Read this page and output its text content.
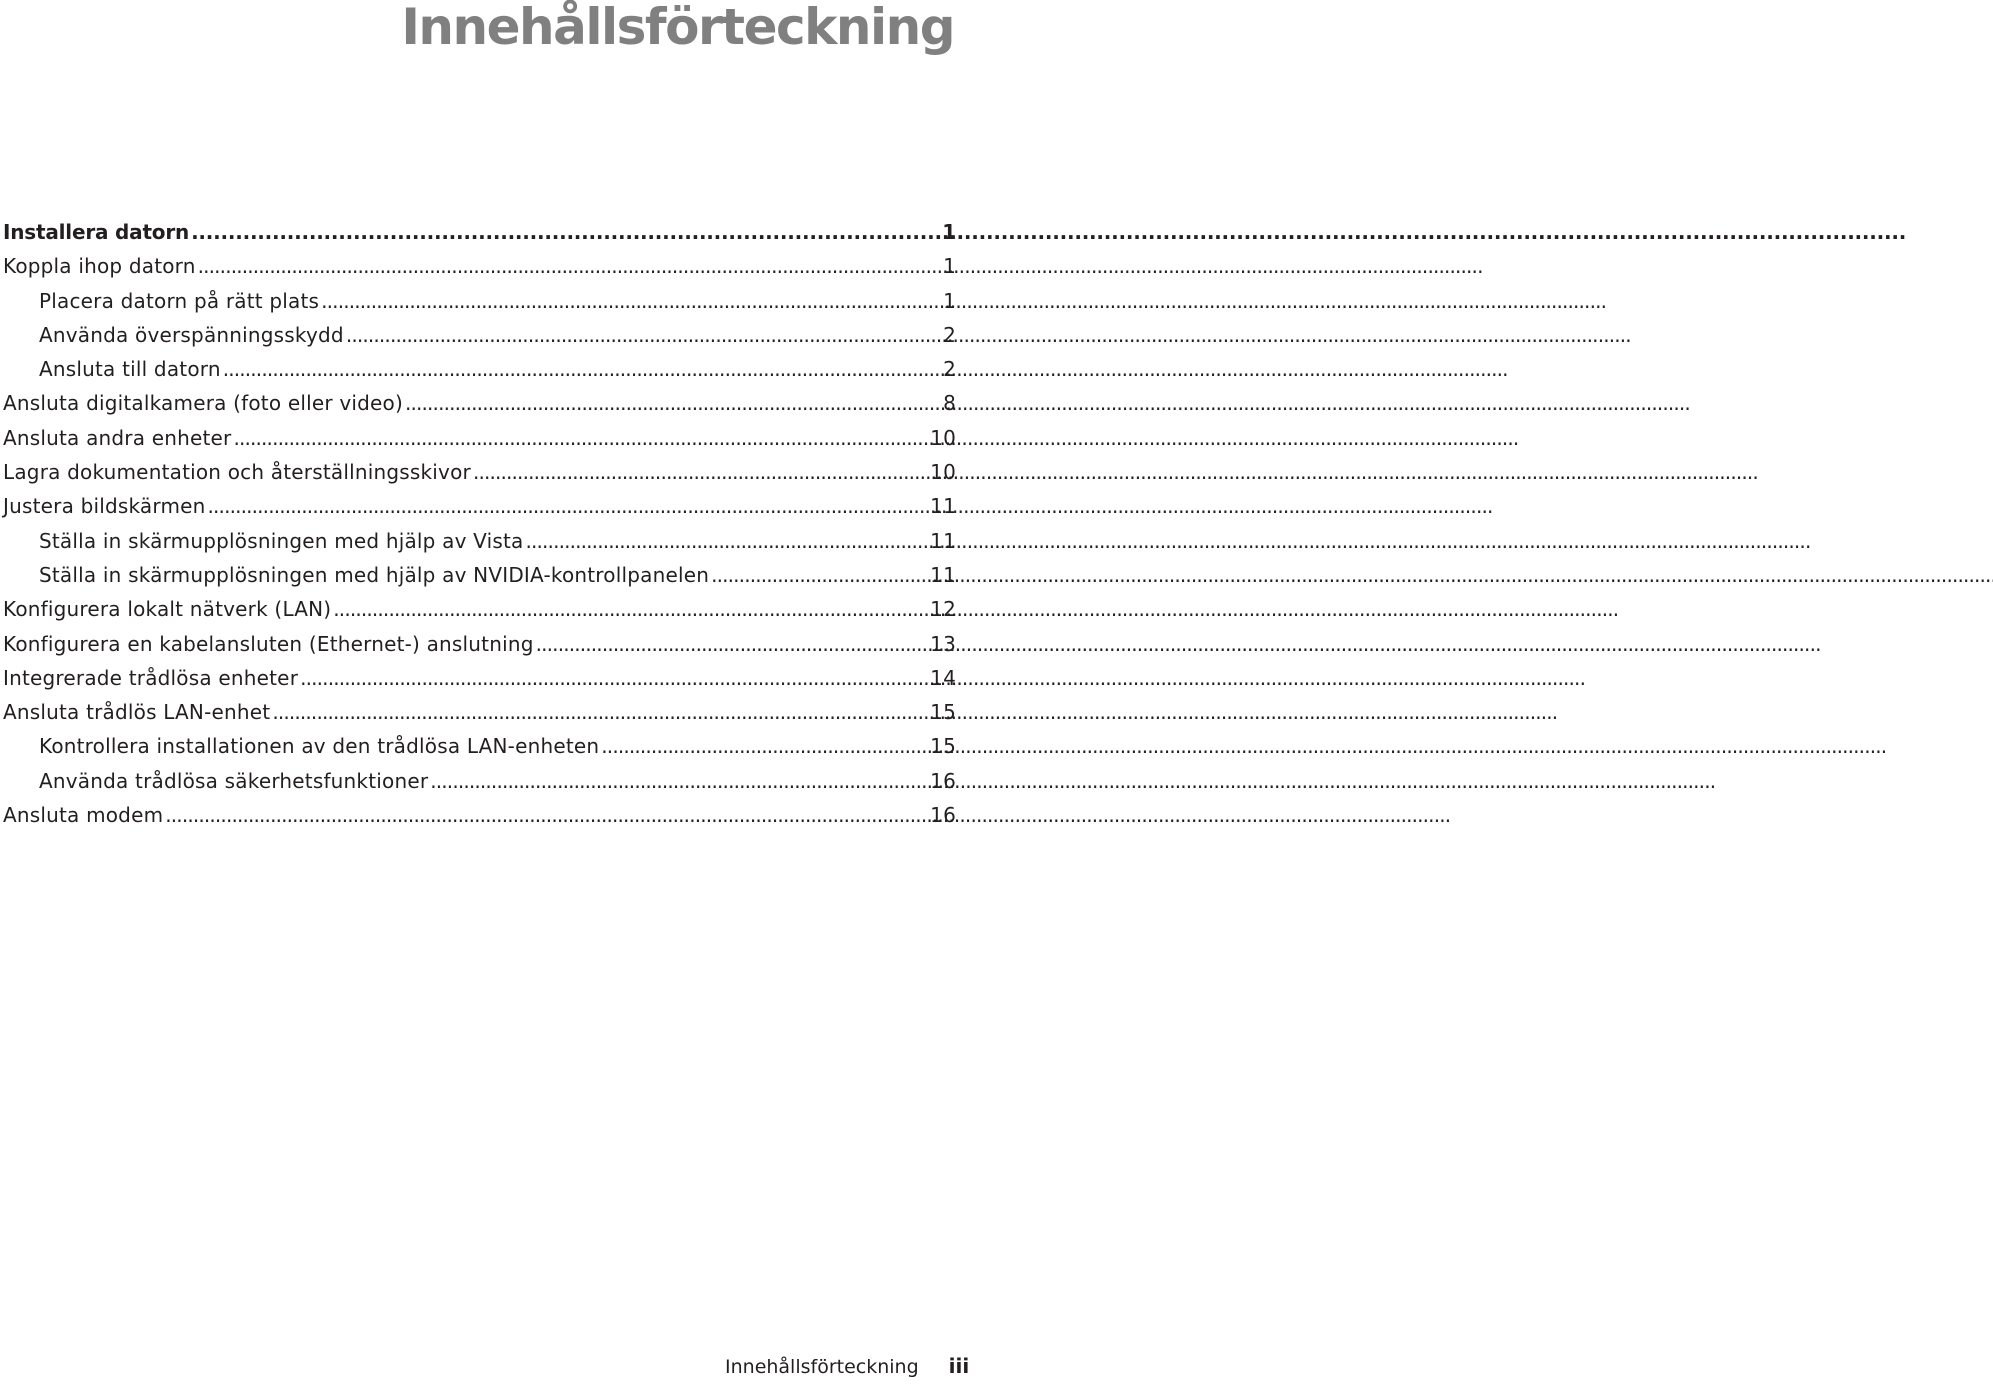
Innehållsförteckning
Installera datorn . . .	1
Koppla ihop datorn . . .	1
Placera datorn på rätt plats . . .	1
Använda överspänningsskydd . . .	2
Ansluta till datorn . . .	2
Ansluta digitalkamera (foto eller video) . . .	8
Ansluta andra enheter . . .	10
Lagra dokumentation och återställningsskivor . . .	10
Justera bildskärmen . . .	11
Ställa in skärmupplösningen med hjälp av Vista . . .	11
Ställa in skärmupplösningen med hjälp av NVIDIA-kontrollpanelen . . .	11
Konfigurera lokalt nätverk (LAN) . . .	12
Konfigurera en kabelansluten (Ethernet-) anslutning . . .	13
Integrerade trådlösa enheter . . .	14
Ansluta trådlös LAN-enhet . . .	15
Kontrollera installationen av den trådlösa LAN-enheten . . .	15
Använda trådlösa säkerhetsfunktioner . . .	16
Ansluta modem . . .	16
Innehållsförteckning iii
